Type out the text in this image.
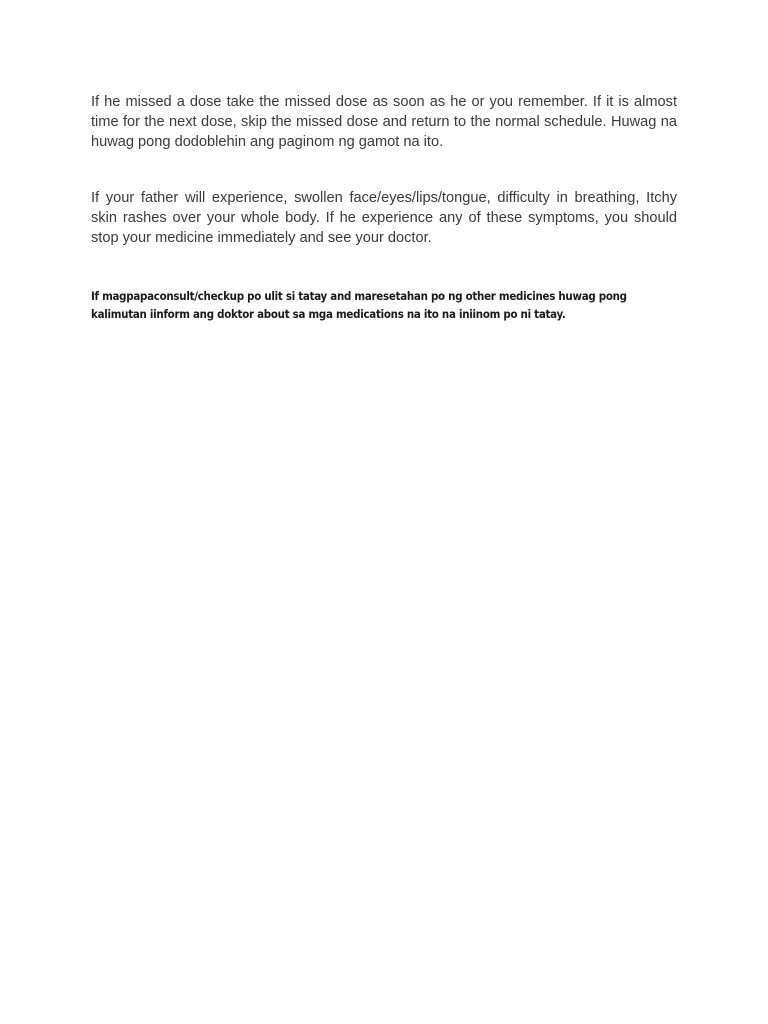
If he missed a dose take the missed dose as soon as he or you remember. If it is almost time for the next dose, skip the missed dose and return to the normal schedule. Huwag na huwag pong dodoblehin ang paginom ng gamot na ito.

If your father will experience, swollen face/eyes/lips/tongue, difficulty in breathing, Itchy skin rashes over your whole body. If he experience any of these symptoms, you should stop your medicine immediately and see your doctor.

If magpapaconsult/checkup po ulit si tatay and maresetahan po ng other medicines huwag pong kalimutan iinform ang doktor about sa mga medications na ito na iniinom po ni tatay.
